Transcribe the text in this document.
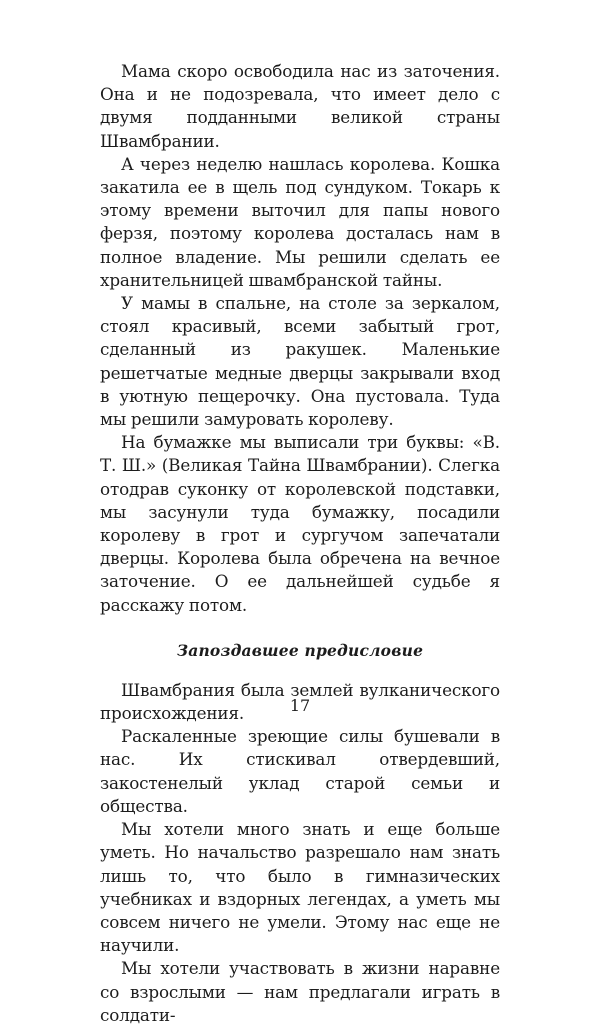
Мама скоро освободила нас из заточения. Она и не подозревала, что имеет дело с двумя подданными великой страны Швамбрании.

А через неделю нашлась королева. Кошка закатила ее в щель под сундуком. Токарь к этому времени выточил для папы нового ферзя, поэтому королева досталась нам в полное владение. Мы решили сделать ее хранительницей швамбранской тайны.

У мамы в спальне, на столе за зеркалом, стоял красивый, всеми забытый грот, сделанный из ракушек. Маленькие решетчатые медные дверцы закрывали вход в уютную пещерочку. Она пустовала. Туда мы решили замуровать королеву.

На бумажке мы выписали три буквы: «В. Т. Ш.» (Великая Тайна Швамбрании). Слегка отодрав суконку от королевской подставки, мы засунули туда бумажку, посадили королеву в грот и сургучом запечатали дверцы. Королева была обречена на вечное заточение. О ее дальнейшей судьбе я расскажу потом.

Запоздавшее предисловие

Швамбрания была землей вулканического происхождения.

Раскаленные зреющие силы бушевали в нас. Их стискивал отвердевший, закостенелый уклад старой семьи и общества.

Мы хотели много знать и еще больше уметь. Но начальство разрешало нам знать лишь то, что было в гимназических учебниках и вздорных легендах, а уметь мы совсем ничего не умели. Этому нас еще не научили.

Мы хотели участвовать в жизни наравне со взрослыми — нам предлагали играть в солдати-

17
